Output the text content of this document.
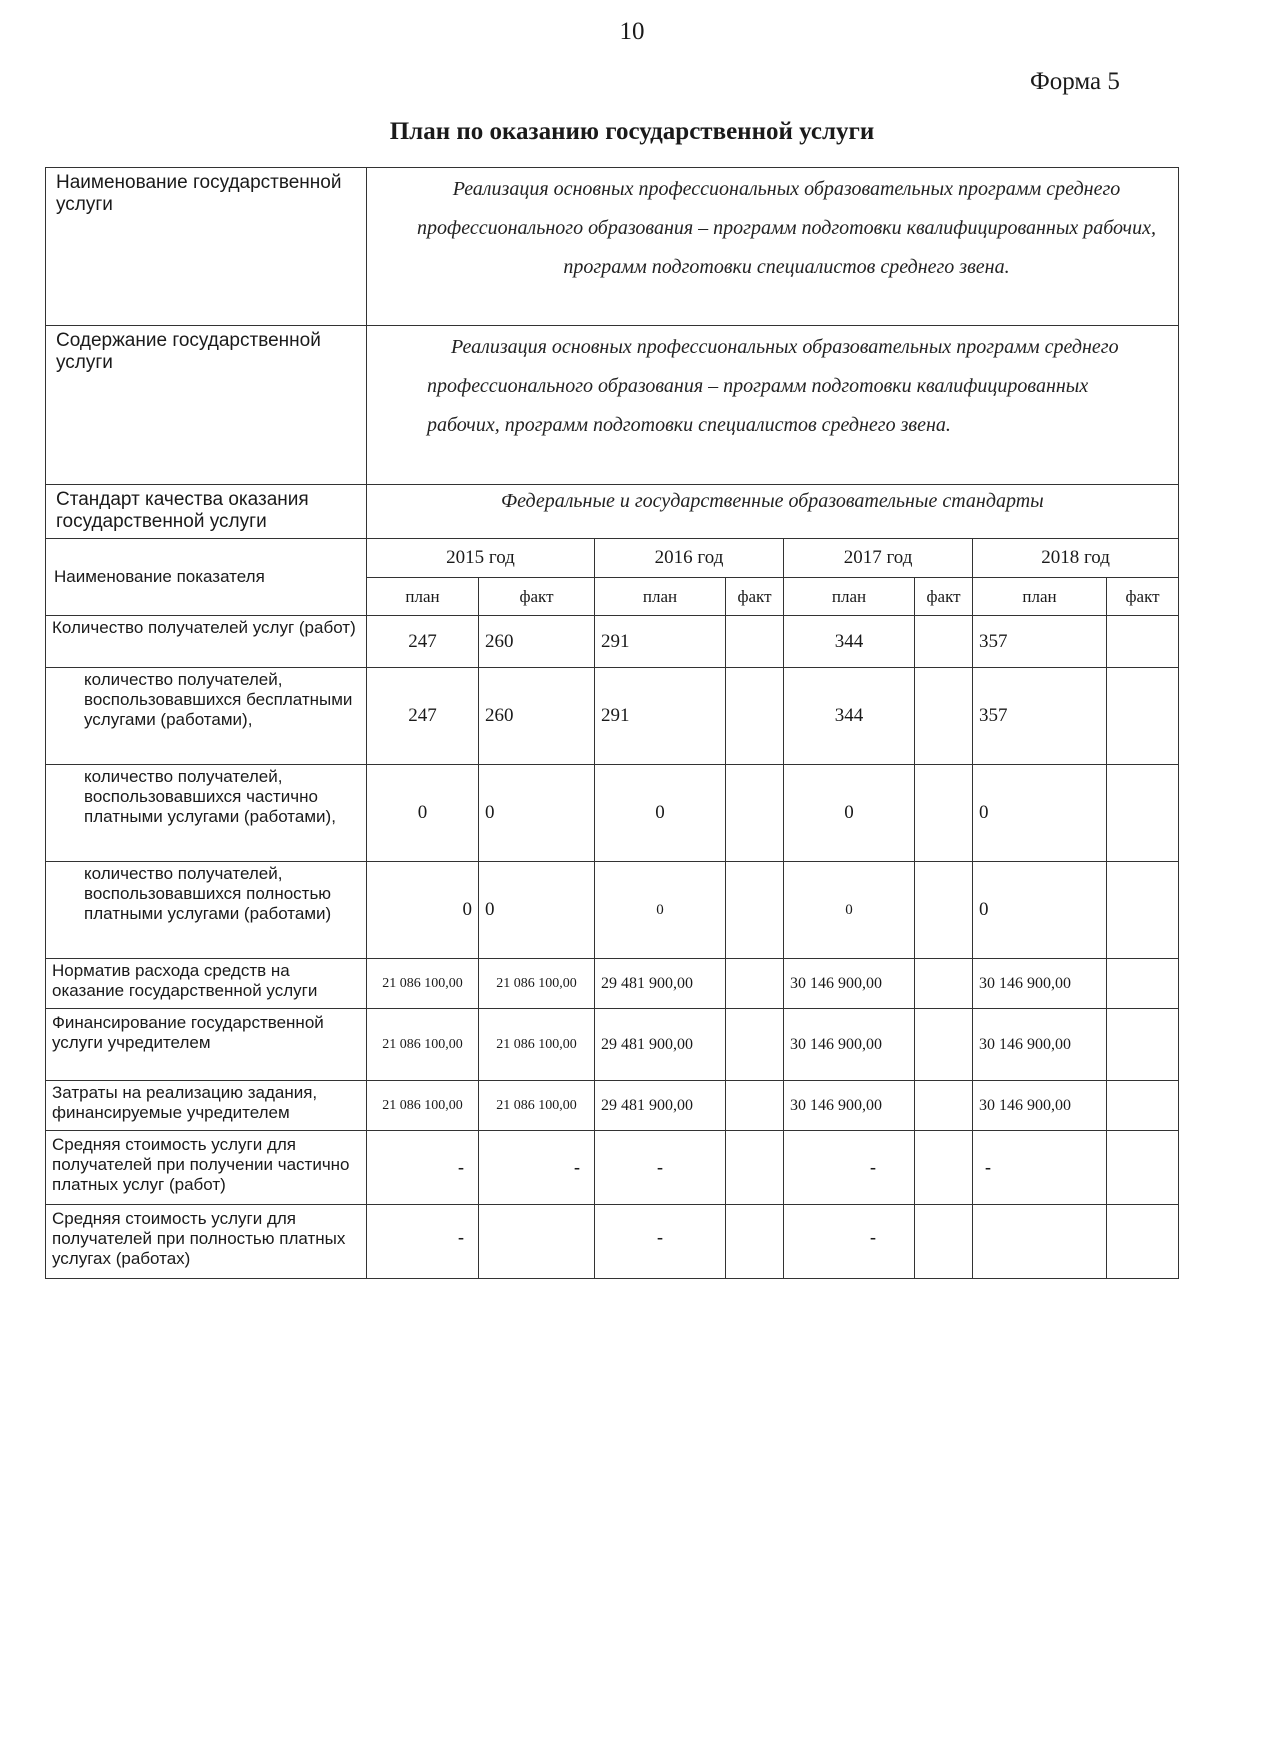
10
Форма 5
План по оказанию государственной услуги
Наименование государственной услуги	Реализация основных профессиональных образовательных программ среднего профессионального образования – программ подготовки квалифицированных рабочих, программ подготовки специалистов среднего звена.
Содержание государственной услуги	Реализация основных профессиональных образовательных программ среднего профессионального образования – программ подготовки квалифицированных рабочих, программ подготовки специалистов среднего звена.
Стандарт качества оказания государственной услуги	Федеральные и государственные образовательные стандарты
Наименование показателя	2015 год		2016 год		2017 год		2018 год	
	план	факт	план	факт	план	факт	план	факт
Количество получателей услуг (работ)	247	260	291		344		357	
количество получателей, воспользовавшихся бесплатными услугами (работами),	247	260	291		344		357	
количество получателей, воспользовавшихся частично платными услугами (работами),	0	0	0		0		0	
количество получателей, воспользовавшихся полностью платными услугами (работами)	0	0	0		0		0	
Норматив расхода средств на оказание государственной услуги	21 086 100,00	21 086 100,00	29 481 900,00		30 146 900,00		30 146 900,00	
Финансирование государственной услуги учредителем	21 086 100,00	21 086 100,00	29 481 900,00		30 146 900,00		30 146 900,00	
Затраты на реализацию задания, финансируемые учредителем	21 086 100,00	21 086 100,00	29 481 900,00		30 146 900,00		30 146 900,00	
Средняя стоимость услуги для получателей при получении частично платных услуг (работ)	-	-	-		-		-	
Средняя стоимость услуги для получателей при полностью платных услугах (работах)	-		-		-			
